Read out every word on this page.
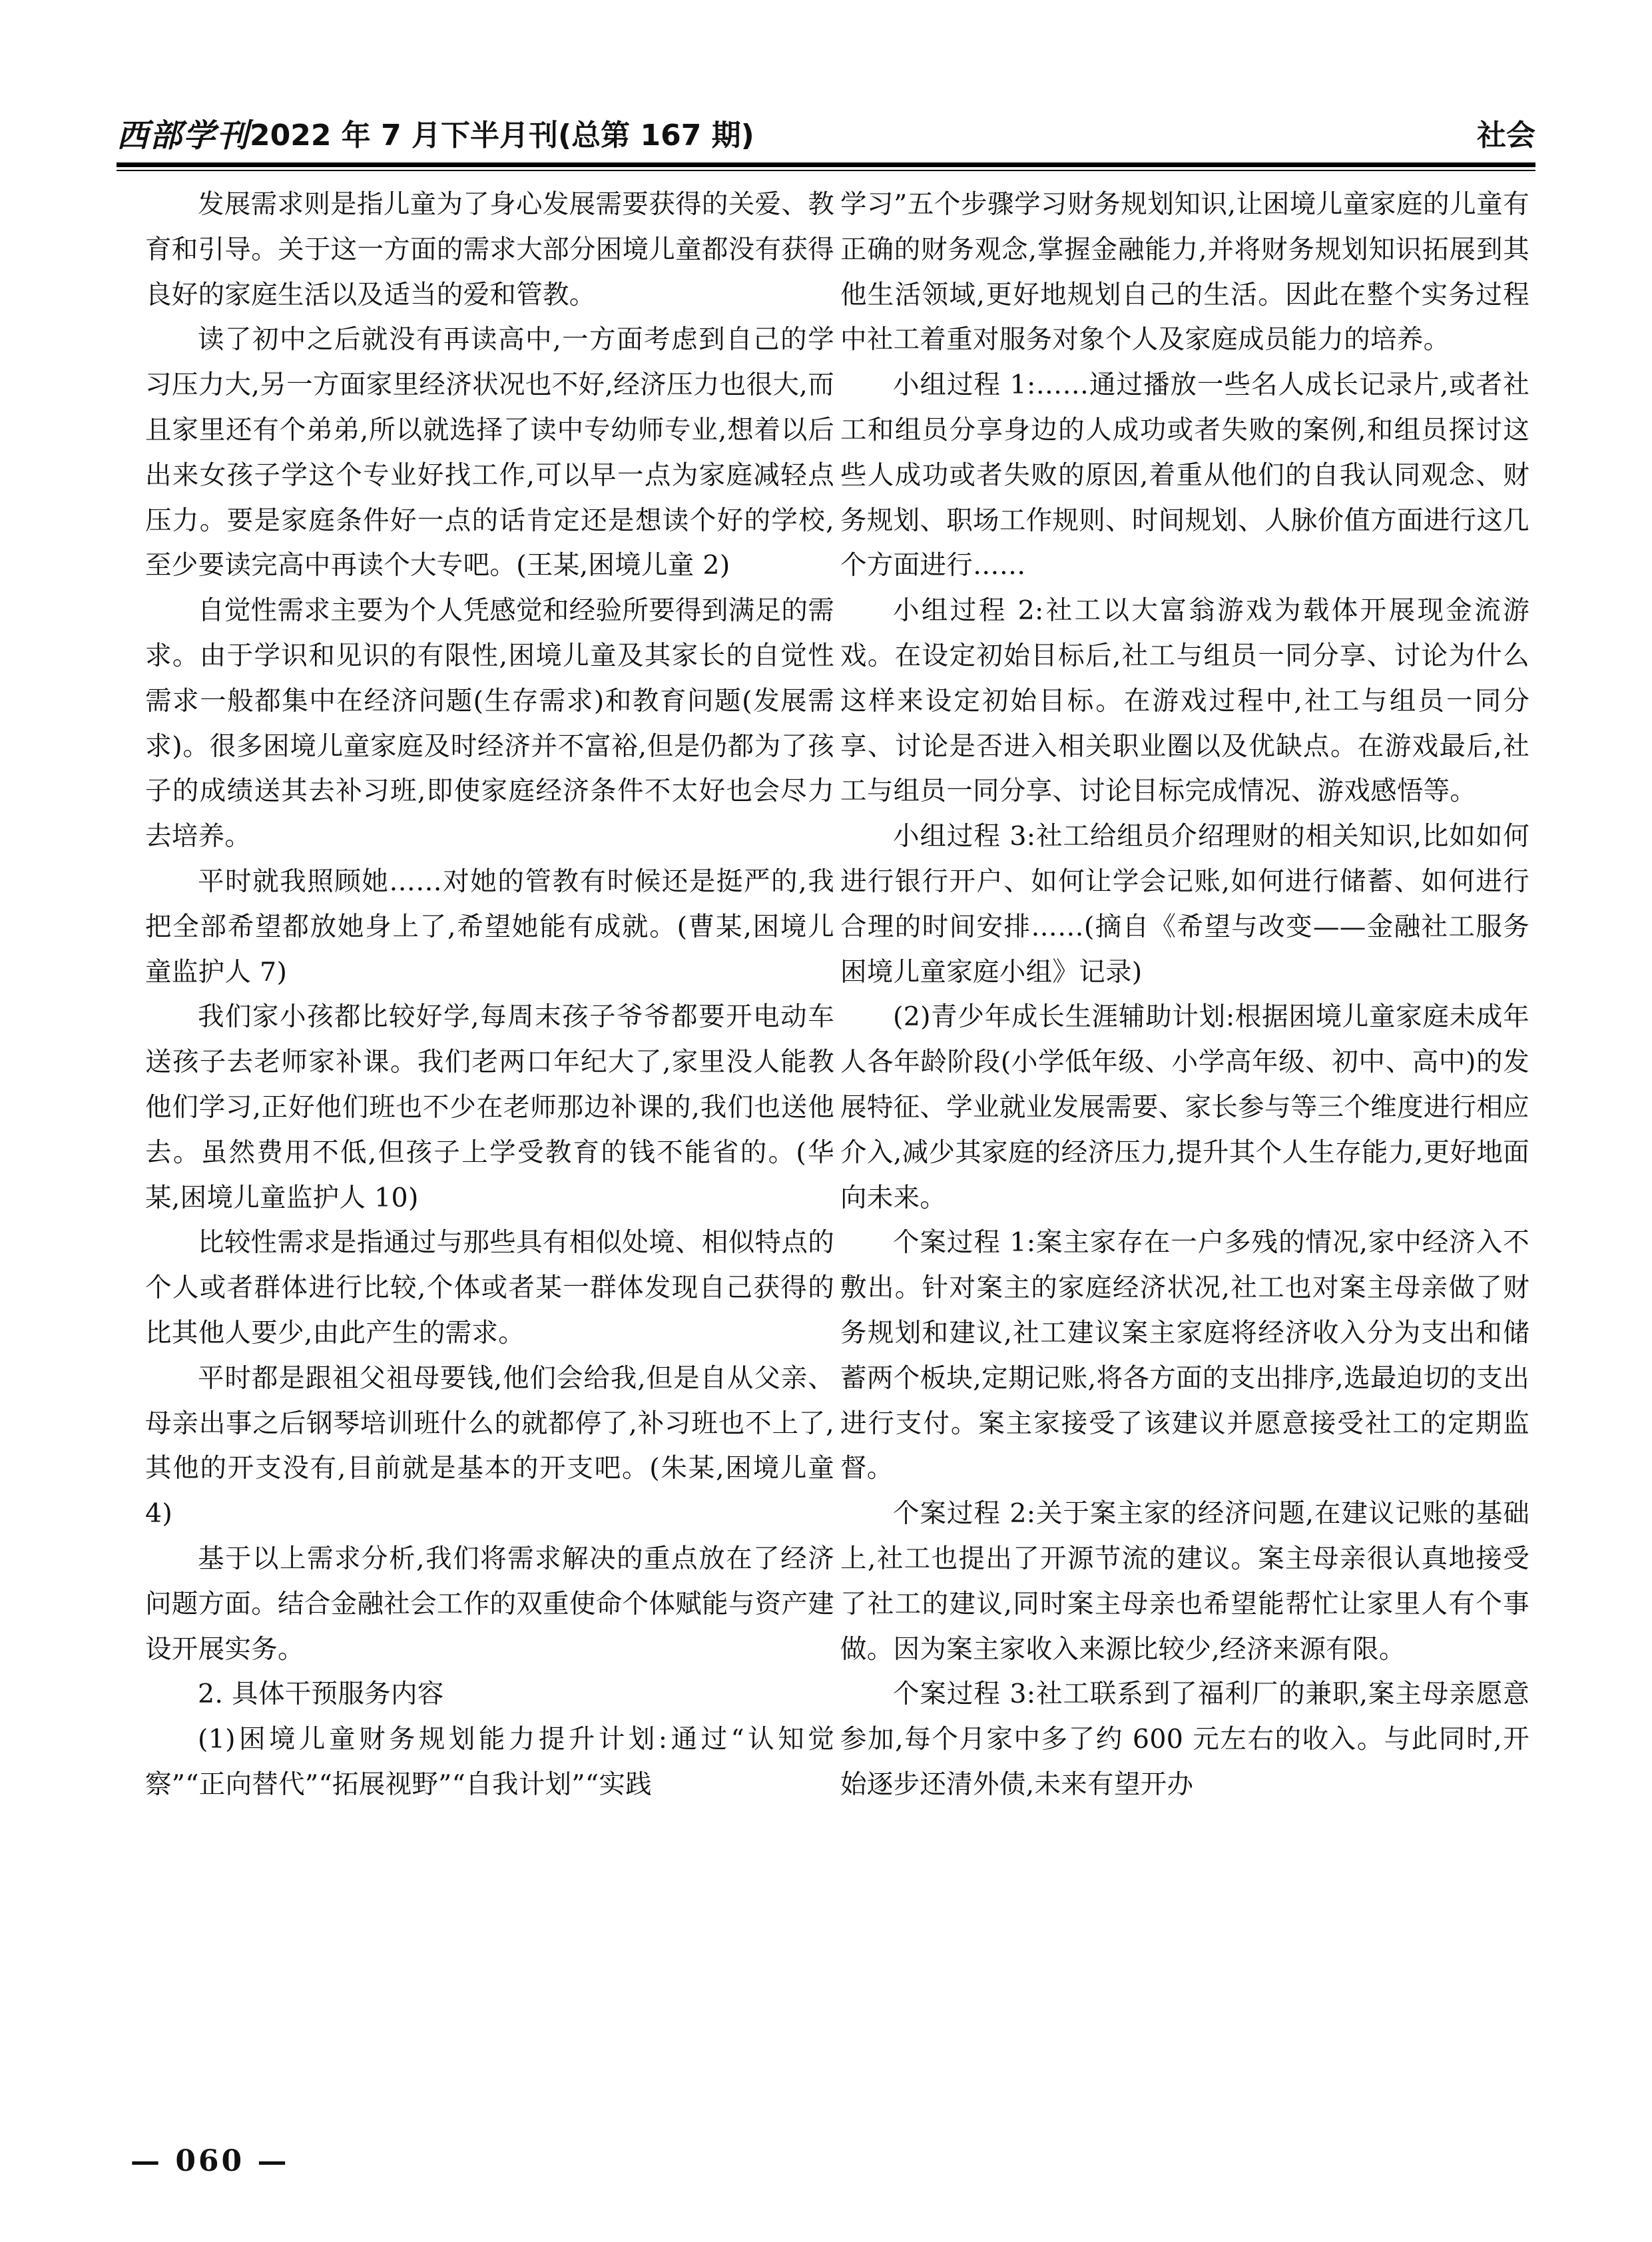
西部学刊 2022 年 7 月下半月刊(总第 167 期)	社会

发展需求则是指儿童为了身心发展需要获得的关爱、教育和引导。关于这一方面的需求大部分困境儿童都没有获得良好的家庭生活以及适当的爱和管教。

读了初中之后就没有再读高中,一方面考虑到自己的学习压力大,另一方面家里经济状况也不好,经济压力也很大,而且家里还有个弟弟,所以就选择了读中专幼师专业,想着以后出来女孩子学这个专业好找工作,可以早一点为家庭减轻点压力。要是家庭条件好一点的话肯定还是想读个好的学校,至少要读完高中再读个大专吧。(王某,困境儿童 2)

自觉性需求主要为个人凭感觉和经验所要得到满足的需求。由于学识和见识的有限性,困境儿童及其家长的自觉性需求一般都集中在经济问题(生存需求)和教育问题(发展需求)。很多困境儿童家庭及时经济并不富裕,但是仍都为了孩子的成绩送其去补习班,即使家庭经济条件不太好也会尽力去培养。

平时就我照顾她……对她的管教有时候还是挺严的,我把全部希望都放她身上了,希望她能有成就。(曹某,困境儿童监护人 7)

我们家小孩都比较好学,每周末孩子爷爷都要开电动车送孩子去老师家补课。我们老两口年纪大了,家里没人能教他们学习,正好他们班也不少在老师那边补课的,我们也送他去。虽然费用不低,但孩子上学受教育的钱不能省的。(华某,困境儿童监护人 10)

比较性需求是指通过与那些具有相似处境、相似特点的个人或者群体进行比较,个体或者某一群体发现自己获得的比其他人要少,由此产生的需求。

平时都是跟祖父祖母要钱,他们会给我,但是自从父亲、母亲出事之后钢琴培训班什么的就都停了,补习班也不上了,其他的开支没有,目前就是基本的开支吧。(朱某,困境儿童 4)

基于以上需求分析,我们将需求解决的重点放在了经济问题方面。结合金融社会工作的双重使命个体赋能与资产建设开展实务。

2. 具体干预服务内容

(1)困境儿童财务规划能力提升计划:通过“认知觉察”“正向替代”“拓展视野”“自我计划”“实践

学习”五个步骤学习财务规划知识,让困境儿童家庭的儿童有正确的财务观念,掌握金融能力,并将财务规划知识拓展到其他生活领域,更好地规划自己的生活。因此在整个实务过程中社工着重对服务对象个人及家庭成员能力的培养。

小组过程 1:……通过播放一些名人成长记录片,或者社工和组员分享身边的人成功或者失败的案例,和组员探讨这些人成功或者失败的原因,着重从他们的自我认同观念、财务规划、职场工作规则、时间规划、人脉价值方面进行这几个方面进行……

小组过程 2:社工以大富翁游戏为载体开展现金流游戏。在设定初始目标后,社工与组员一同分享、讨论为什么这样来设定初始目标。在游戏过程中,社工与组员一同分享、讨论是否进入相关职业圈以及优缺点。在游戏最后,社工与组员一同分享、讨论目标完成情况、游戏感悟等。

小组过程 3:社工给组员介绍理财的相关知识,比如如何进行银行开户、如何让学会记账,如何进行储蓄、如何进行合理的时间安排……(摘自《希望与改变——金融社工服务困境儿童家庭小组》记录)

(2)青少年成长生涯辅助计划:根据困境儿童家庭未成年人各年龄阶段(小学低年级、小学高年级、初中、高中)的发展特征、学业就业发展需要、家长参与等三个维度进行相应介入,减少其家庭的经济压力,提升其个人生存能力,更好地面向未来。

个案过程 1:案主家存在一户多残的情况,家中经济入不敷出。针对案主的家庭经济状况,社工也对案主母亲做了财务规划和建议,社工建议案主家庭将经济收入分为支出和储蓄两个板块,定期记账,将各方面的支出排序,选最迫切的支出进行支付。案主家接受了该建议并愿意接受社工的定期监督。

个案过程 2:关于案主家的经济问题,在建议记账的基础上,社工也提出了开源节流的建议。案主母亲很认真地接受了社工的建议,同时案主母亲也希望能帮忙让家里人有个事做。因为案主家收入来源比较少,经济来源有限。

个案过程 3:社工联系到了福利厂的兼职,案主母亲愿意参加,每个月家中多了约 600 元左右的收入。与此同时,开始逐步还清外债,未来有望开办

— 060 —
